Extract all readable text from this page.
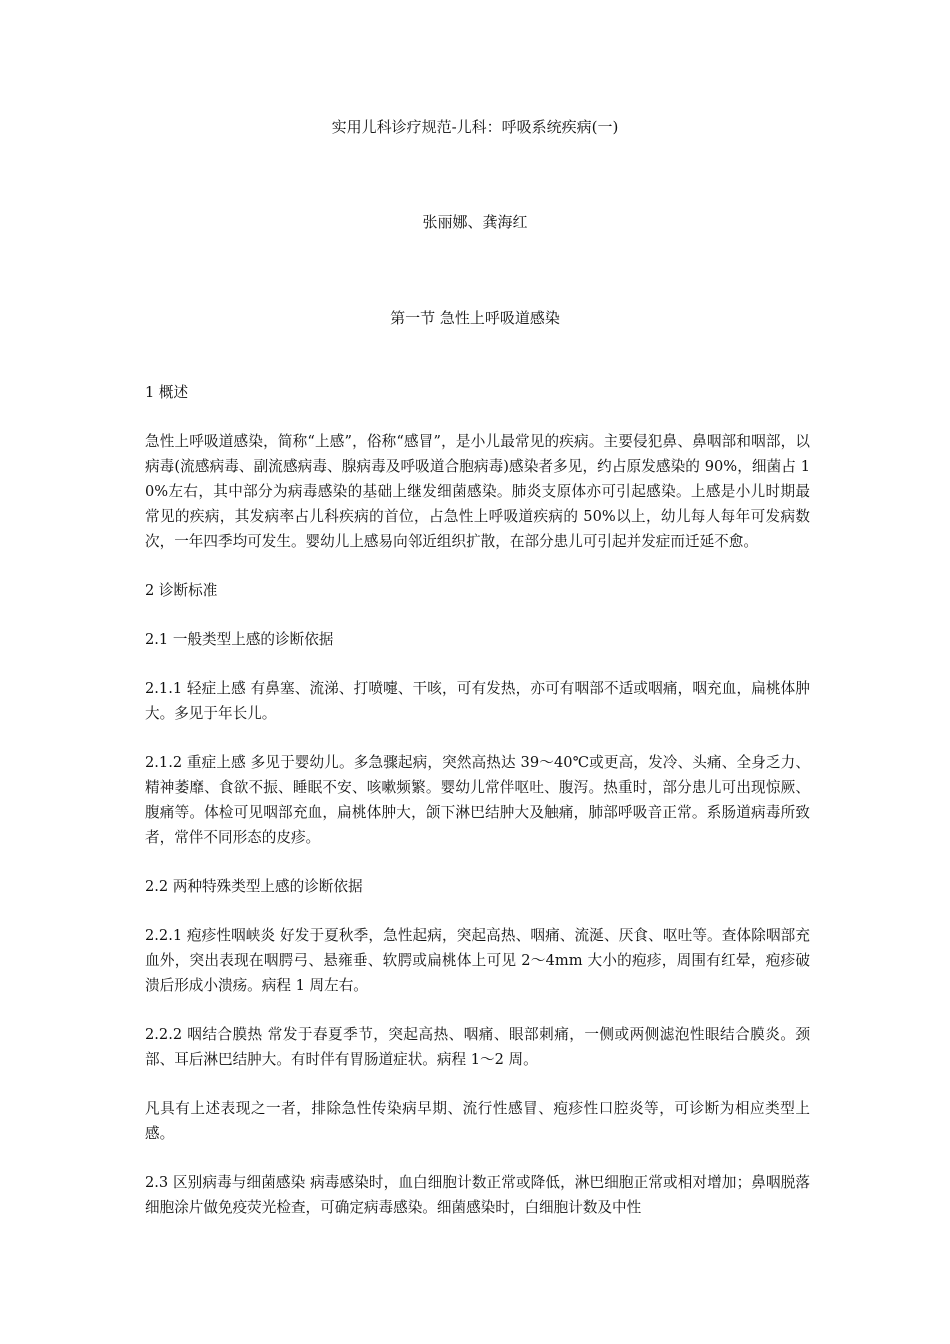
实用儿科诊疗规范-儿科：呼吸系统疾病(一)
张丽娜、龚海红
第一节 急性上呼吸道感染

1 概述

急性上呼吸道感染，简称“上感”，俗称“感冒”，是小儿最常见的疾病。主要侵犯鼻、鼻咽部和咽部，以病毒(流感病毒、副流感病毒、腺病毒及呼吸道合胞病毒)感染者多见，约占原发感染的 90%，细菌占 10%左右，其中部分为病毒感染的基础上继发细菌感染。肺炎支原体亦可引起感染。上感是小儿时期最常见的疾病，其发病率占儿科疾病的首位，占急性上呼吸道疾病的 50%以上，幼儿每人每年可发病数次，一年四季均可发生。婴幼儿上感易向邻近组织扩散，在部分患儿可引起并发症而迁延不愈。

2 诊断标准

2.1 一般类型上感的诊断依据

2.1.1 轻症上感 有鼻塞、流涕、打喷嚏、干咳，可有发热，亦可有咽部不适或咽痛，咽充血，扁桃体肿大。多见于年长儿。

2.1.2 重症上感 多见于婴幼儿。多急骤起病，突然高热达 39～40℃或更高，发冷、头痛、全身乏力、精神萎靡、食欲不振、睡眠不安、咳嗽频繁。婴幼儿常伴呕吐、腹泻。热重时，部分患儿可出现惊厥、腹痛等。体检可见咽部充血，扁桃体肿大，颌下淋巴结肿大及触痛，肺部呼吸音正常。系肠道病毒所致者，常伴不同形态的皮疹。

2.2 两种特殊类型上感的诊断依据

2.2.1 疱疹性咽峡炎 好发于夏秋季，急性起病，突起高热、咽痛、流涎、厌食、呕吐等。查体除咽部充血外，突出表现在咽腭弓、悬雍垂、软腭或扁桃体上可见 2～4mm 大小的疱疹，周围有红晕，疱疹破溃后形成小溃疡。病程 1 周左右。

2.2.2 咽结合膜热 常发于春夏季节，突起高热、咽痛、眼部刺痛，一侧或两侧滤泡性眼结合膜炎。颈部、耳后淋巴结肿大。有时伴有胃肠道症状。病程 1～2 周。

凡具有上述表现之一者，排除急性传染病早期、流行性感冒、疱疹性口腔炎等，可诊断为相应类型上感。

2.3 区别病毒与细菌感染 病毒感染时，血白细胞计数正常或降低，淋巴细胞正常或相对增加；鼻咽脱落细胞涂片做免疫荧光检查，可确定病毒感染。细菌感染时，白细胞计数及中性
